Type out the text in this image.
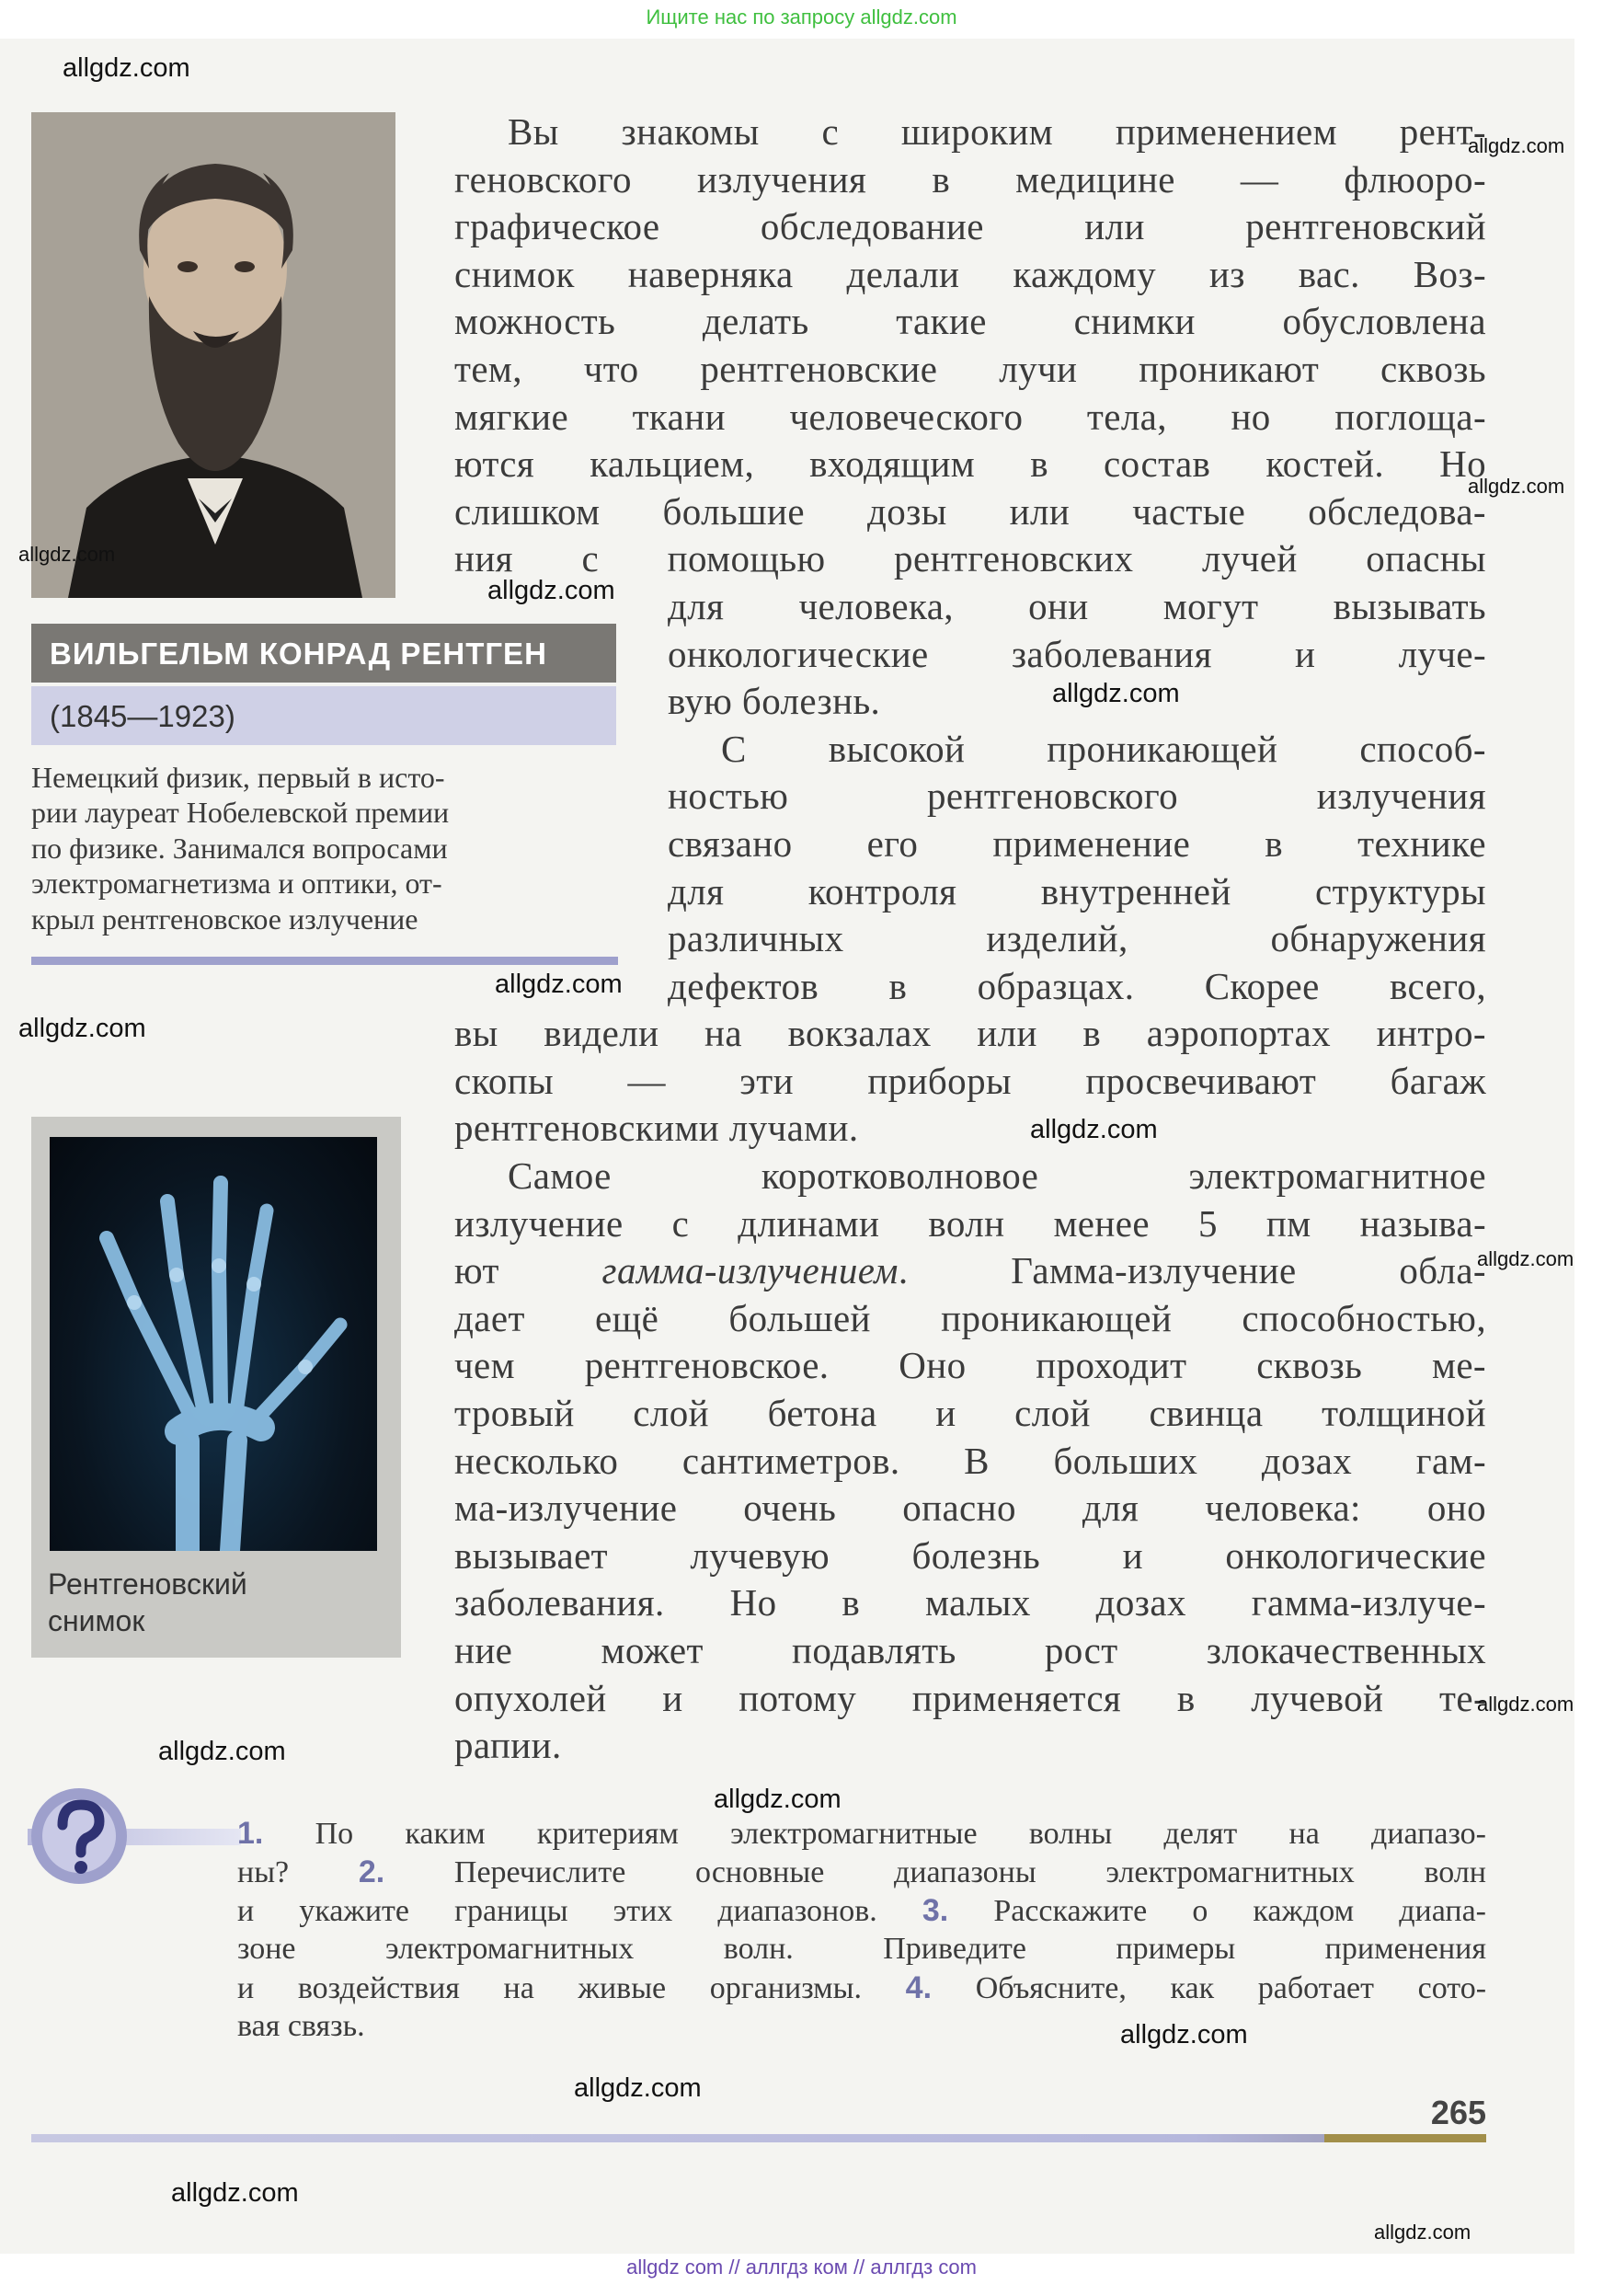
Ищите нас по запросу allgdz.com
ВИЛЬГЕЛЬМ КОНРАД РЕНТГЕН
(1845—1923)
Немецкий физик, первый в исто-
рии лауреат Нобелевской премии
по физике. Занимался вопросами
электромагнетизма и оптики, от-
крыл рентгеновское излучение
Рентгеновский
снимок
Вы знакомы с широким применением рент-
геновского излучения в медицине — флюоро-
графическое обследование или рентгеновский
снимок наверняка делали каждому из вас. Воз-
можность делать такие снимки обусловлена
тем, что рентгеновские лучи проникают сквозь
мягкие ткани человеческого тела, но поглоща-
ются кальцием, входящим в состав костей. Но
слишком большие дозы или частые обследова-
ния с помощью рентгеновских лучей опасны
для человека, они могут вызывать
онкологические заболевания и луче-
вую болезнь.
С высокой проникающей способ-
ностью рентгеновского излучения
связано его применение в технике
для контроля внутренней структуры
различных изделий, обнаружения
дефектов в образцах. Скорее всего,
вы видели на вокзалах или в аэропортах интро-
скопы — эти приборы просвечивают багаж
рентгеновскими лучами.
Самое коротковолновое электромагнитное
излучение с длинами волн менее 5 пм называ-
ют гамма-излучением. Гамма-излучение обла-
дает ещё большей проникающей способностью,
чем рентгеновское. Оно проходит сквозь ме-
тровый слой бетона и слой свинца толщиной
несколько сантиметров. В больших дозах гам-
ма-излучение очень опасно для человека: оно
вызывает лучевую болезнь и онкологические
заболевания. Но в малых дозах гамма-излуче-
ние может подавлять рост злокачественных
опухолей и потому применяется в лучевой те-
рапии.
1. По каким критериям электромагнитные волны делят на диапазо-
ны? 2. Перечислите основные диапазоны электромагнитных волн
и укажите границы этих диапазонов. 3. Расскажите о каждом диапа-
зоне электромагнитных волн. Приведите примеры применения
и воздействия на живые организмы. 4. Объясните, как работает сото-
вая связь.
265
allgdz.com
allgdz.com
allgdz.com
allgdz.com
allgdz.com
allgdz.com
allgdz.com
allgdz.com
allgdz.com
allgdz.com
allgdz.com
allgdz.com
allgdz.com
allgdz.com
allgdz.com
allgdz.com
allgdz.com
allgdz com // аллгдз ком // аллгдз com
